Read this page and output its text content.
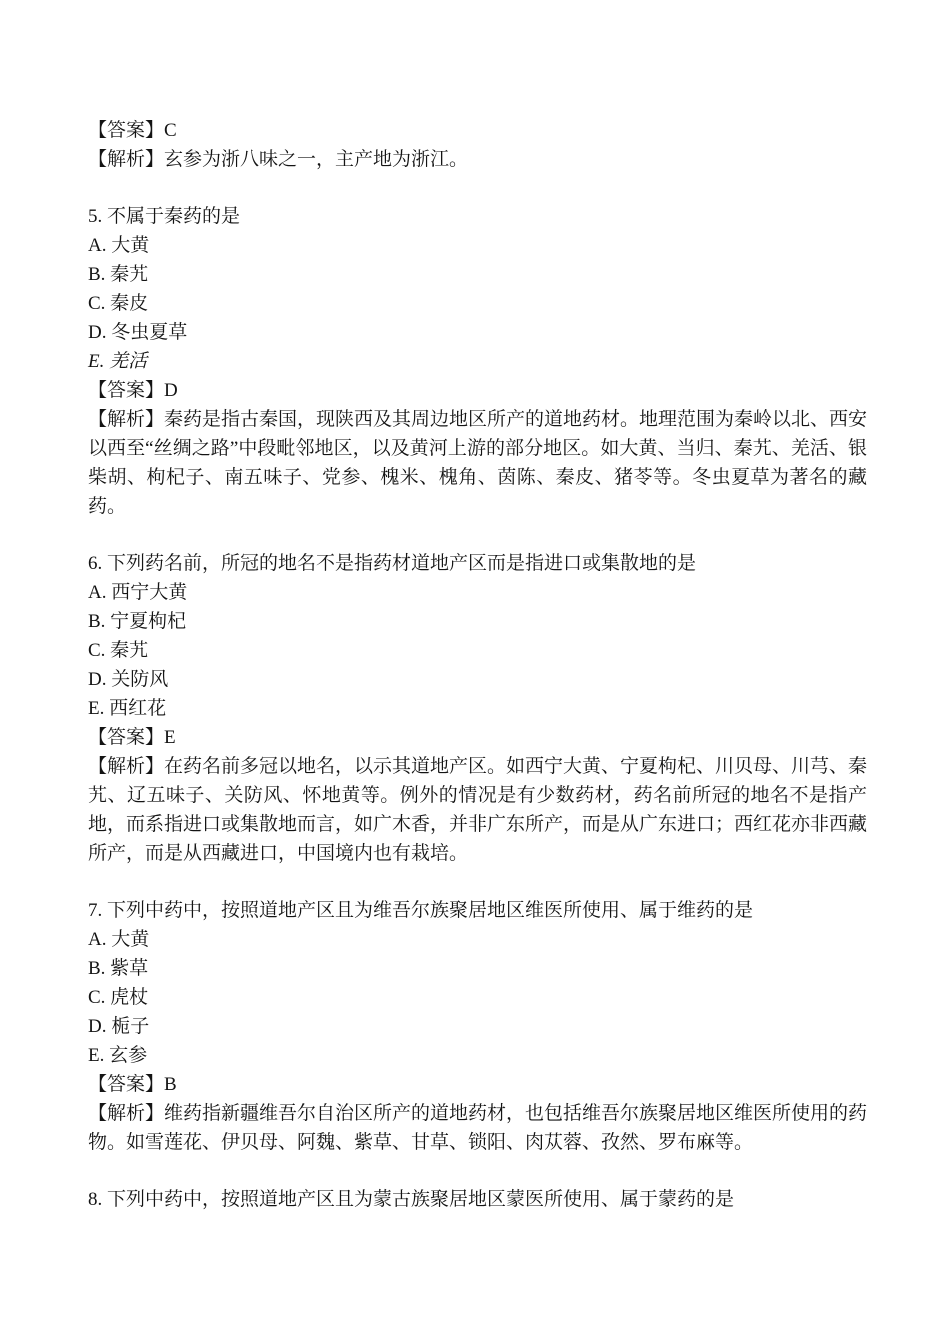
【答案】C
【解析】玄参为浙八味之一，主产地为浙江。
5. 不属于秦药的是
A. 大黄
B. 秦艽
C. 秦皮
D. 冬虫夏草
E. 羌活
【答案】D
【解析】秦药是指古秦国，现陕西及其周边地区所产的道地药材。地理范围为秦岭以北、西安以西至“丝绸之路”中段毗邻地区，以及黄河上游的部分地区。如大黄、当归、秦艽、羌活、银柴胡、枸杞子、南五味子、党参、槐米、槐角、茵陈、秦皮、猪苓等。冬虫夏草为著名的藏药。
6. 下列药名前，所冠的地名不是指药材道地产区而是指进口或集散地的是
A. 西宁大黄
B. 宁夏枸杞
C. 秦艽
D. 关防风
E. 西红花
【答案】E
【解析】在药名前多冠以地名，以示其道地产区。如西宁大黄、宁夏枸杞、川贝母、川芎、秦艽、辽五味子、关防风、怀地黄等。例外的情况是有少数药材，药名前所冠的地名不是指产地，而系指进口或集散地而言，如广木香，并非广东所产，而是从广东进口；西红花亦非西藏所产，而是从西藏进口，中国境内也有栽培。
7. 下列中药中，按照道地产区且为维吾尔族聚居地区维医所使用、属于维药的是
A. 大黄
B. 紫草
C. 虎杖
D. 栀子
E. 玄参
【答案】B
【解析】维药指新疆维吾尔自治区所产的道地药材，也包括维吾尔族聚居地区维医所使用的药物。如雪莲花、伊贝母、阿魏、紫草、甘草、锁阳、肉苁蓉、孜然、罗布麻等。
8. 下列中药中，按照道地产区且为蒙古族聚居地区蒙医所使用、属于蒙药的是
